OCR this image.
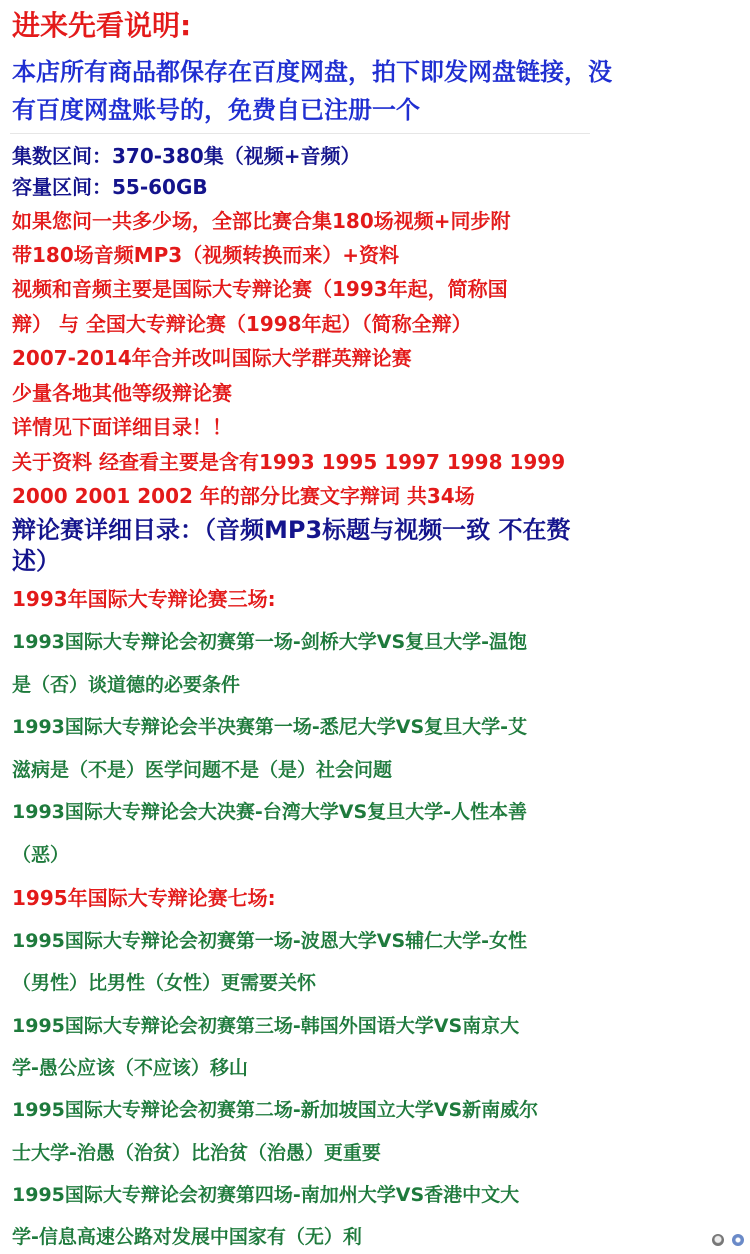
进来先看说明:
本店所有商品都保存在百度网盘，拍下即发网盘链接，没
有百度网盘账号的，免费自已注册一个
集数区间：370-380集（视频+音频）
容量区间：55-60GB
如果您问一共多少场，全部比赛合集180场视频+同步附
带180场音频MP3（视频转换而来）+资料
视频和音频主要是国际大专辩论赛（1993年起，简称国
辩） 与 全国大专辩论赛（1998年起）（简称全辩）
2007-2014年合并改叫国际大学群英辩论赛
少量各地其他等级辩论赛
详情见下面详细目录！！
关于资料 经查看主要是含有1993 1995 1997 1998 1999
2000 2001 2002 年的部分比赛文字辩词 共34场
辩论赛详细目录：（音频MP3标题与视频一致 不在赘
述）
1993年国际大专辩论赛三场:
1993国际大专辩论会初赛第一场-剑桥大学VS复旦大学-温饱
是（否）谈道德的必要条件
1993国际大专辩论会半决赛第一场-悉尼大学VS复旦大学-艾
滋病是（不是）医学问题不是（是）社会问题
1993国际大专辩论会大决赛-台湾大学VS复旦大学-人性本善
（恶）
1995年国际大专辩论赛七场:
1995国际大专辩论会初赛第一场-波恩大学VS辅仁大学-女性
（男性）比男性（女性）更需要关怀
1995国际大专辩论会初赛第三场-韩国外国语大学VS南京大
学-愚公应该（不应该）移山
1995国际大专辩论会初赛第二场-新加坡国立大学VS新南威尔
士大学-治愚（治贫）比治贫（治愚）更重要
1995国际大专辩论会初赛第四场-南加州大学VS香港中文大
学-信息高速公路对发展中国家有（无）利
